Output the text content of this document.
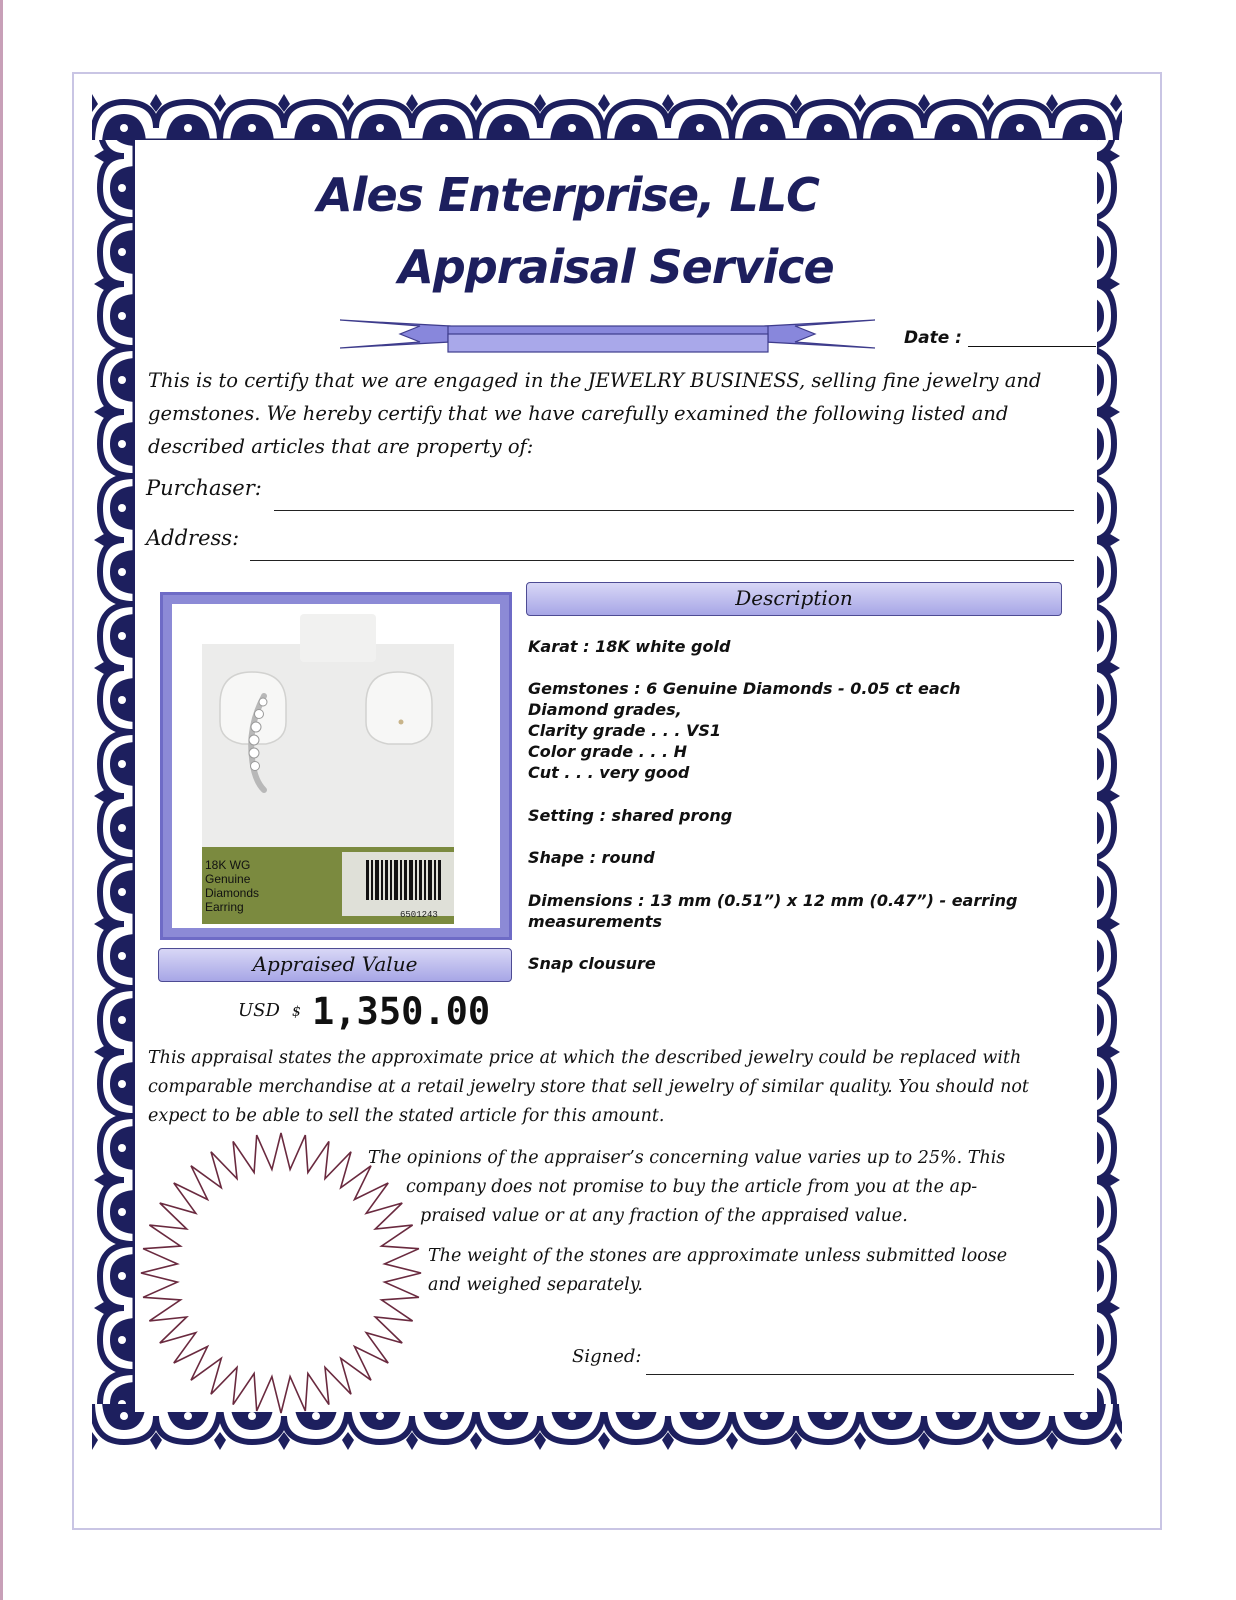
Ales Enterprise, LLC
Appraisal Service
Date :
This is to certify that we are engaged in the JEWELRY BUSINESS, selling fine jewelry and gemstones. We hereby certify that we have carefully examined the following listed and described articles that are property of:
Purchaser:
Address:
18K WG
Genuine
Diamonds
Earring
6501243
Description
Karat : 18K white gold
Gemstones : 6 Genuine Diamonds - 0.05 ct each
Diamond grades,
Clarity grade . . . VS1
Color grade . . . H
Cut . . . very good
Setting : shared prong
Shape : round
Dimensions : 13 mm (0.51”) x 12 mm (0.47”) - earring
measurements
Snap clousure
Appraised Value
USD $ 1,350.00
This appraisal states the approximate price at which the described jewelry could be replaced with comparable merchandise at a retail jewelry store that sell jewelry of similar quality. You should not expect to be able to sell the stated article for this amount.
The opinions of the appraiser’s concerning value varies up to 25%. This
company does not promise to buy the article from you at the ap-
praised value or at any fraction of the appraised value.
The weight of the stones are approximate unless submitted loose
and weighed separately.
Signed:
